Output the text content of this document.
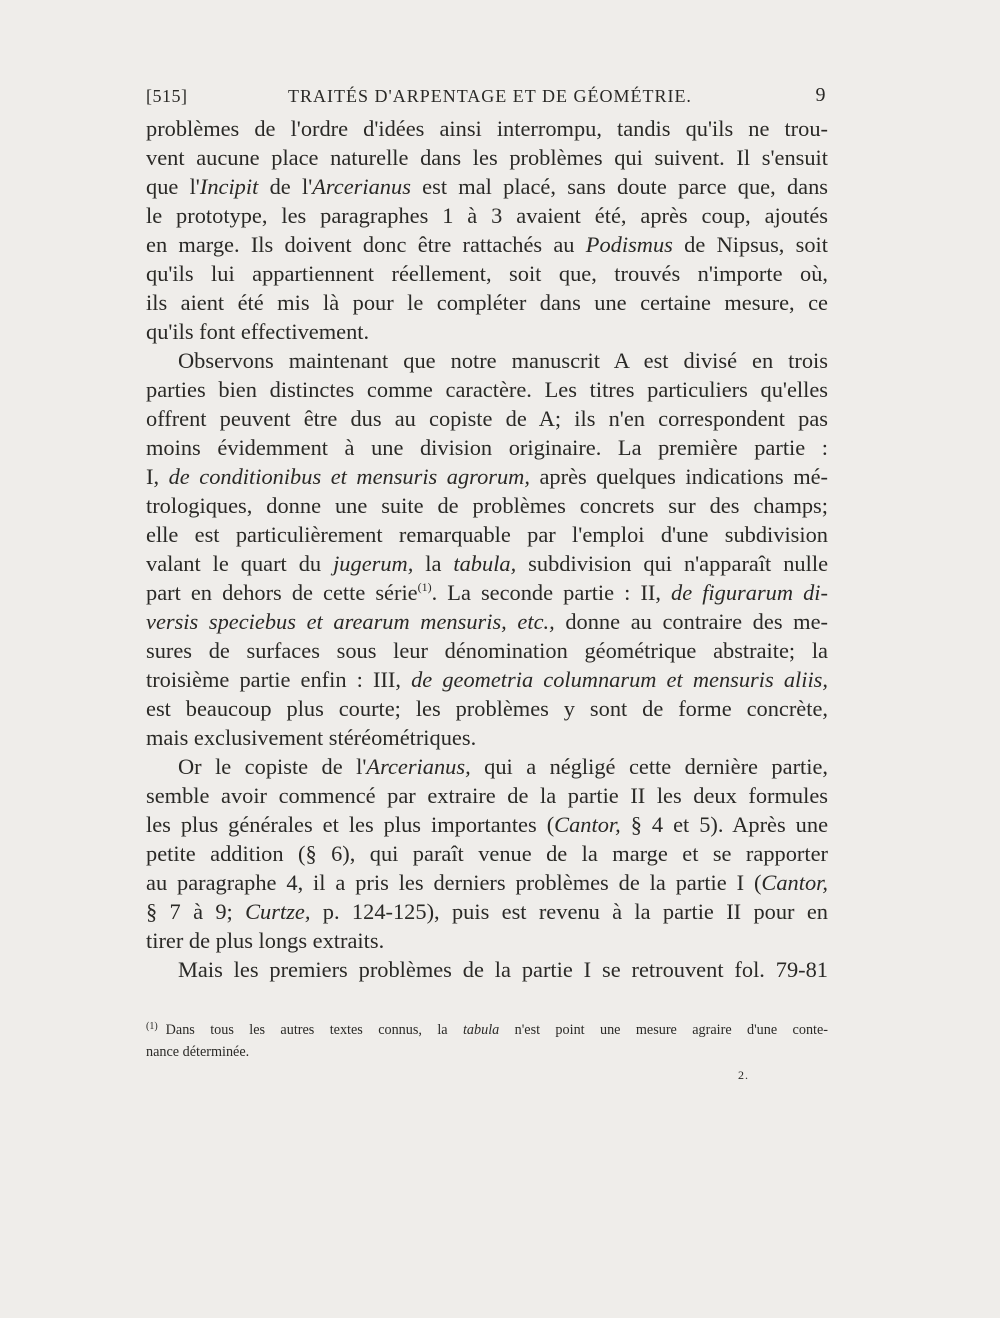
[515]	TRAITÉS D'ARPENTAGE ET DE GÉOMÉTRIE.	9
problèmes de l'ordre d'idées ainsi interrompu, tandis qu'ils ne trou-
vent aucune place naturelle dans les problèmes qui suivent. Il s'ensuit
que l'Incipit de l'Arcerianus est mal placé, sans doute parce que, dans
le prototype, les paragraphes 1 à 3 avaient été, après coup, ajoutés
en marge. Ils doivent donc être rattachés au Podismus de Nipsus, soit
qu'ils lui appartiennent réellement, soit que, trouvés n'importe où,
ils aient été mis là pour le compléter dans une certaine mesure, ce
qu'ils font effectivement.
Observons maintenant que notre manuscrit A est divisé en trois
parties bien distinctes comme caractère. Les titres particuliers qu'elles
offrent peuvent être dus au copiste de A; ils n'en correspondent pas
moins évidemment à une division originaire. La première partie :
I, de conditionibus et mensuris agrorum, après quelques indications mé-
trologiques, donne une suite de problèmes concrets sur des champs;
elle est particulièrement remarquable par l'emploi d'une subdivision
valant le quart du jugerum, la tabula, subdivision qui n'apparaît nulle
part en dehors de cette série$^{(1)}$. La seconde partie : II, de figurarum di-
versis speciebus et arearum mensuris, etc., donne au contraire des me-
sures de surfaces sous leur dénomination géométrique abstraite; la
troisième partie enfin : III, de geometria columnarum et mensuris aliis,
est beaucoup plus courte; les problèmes y sont de forme concrète,
mais exclusivement stéréométriques.
Or le copiste de l'Arcerianus, qui a négligé cette dernière partie,
semble avoir commencé par extraire de la partie II les deux formules
les plus générales et les plus importantes (Cantor, § 4 et 5). Après une
petite addition (§ 6), qui paraît venue de la marge et se rapporter
au paragraphe 4, il a pris les derniers problèmes de la partie I (Cantor,
§ 7 à 9; Curtze, p. 124-125), puis est revenu à la partie II pour en
tirer de plus longs extraits.
Mais les premiers problèmes de la partie I se retrouvent fol. 79-81
$^{(1)}$ Dans tous les autres textes connus, la tabula n'est point une mesure agraire d'une conte-
nance déterminée.
2.
